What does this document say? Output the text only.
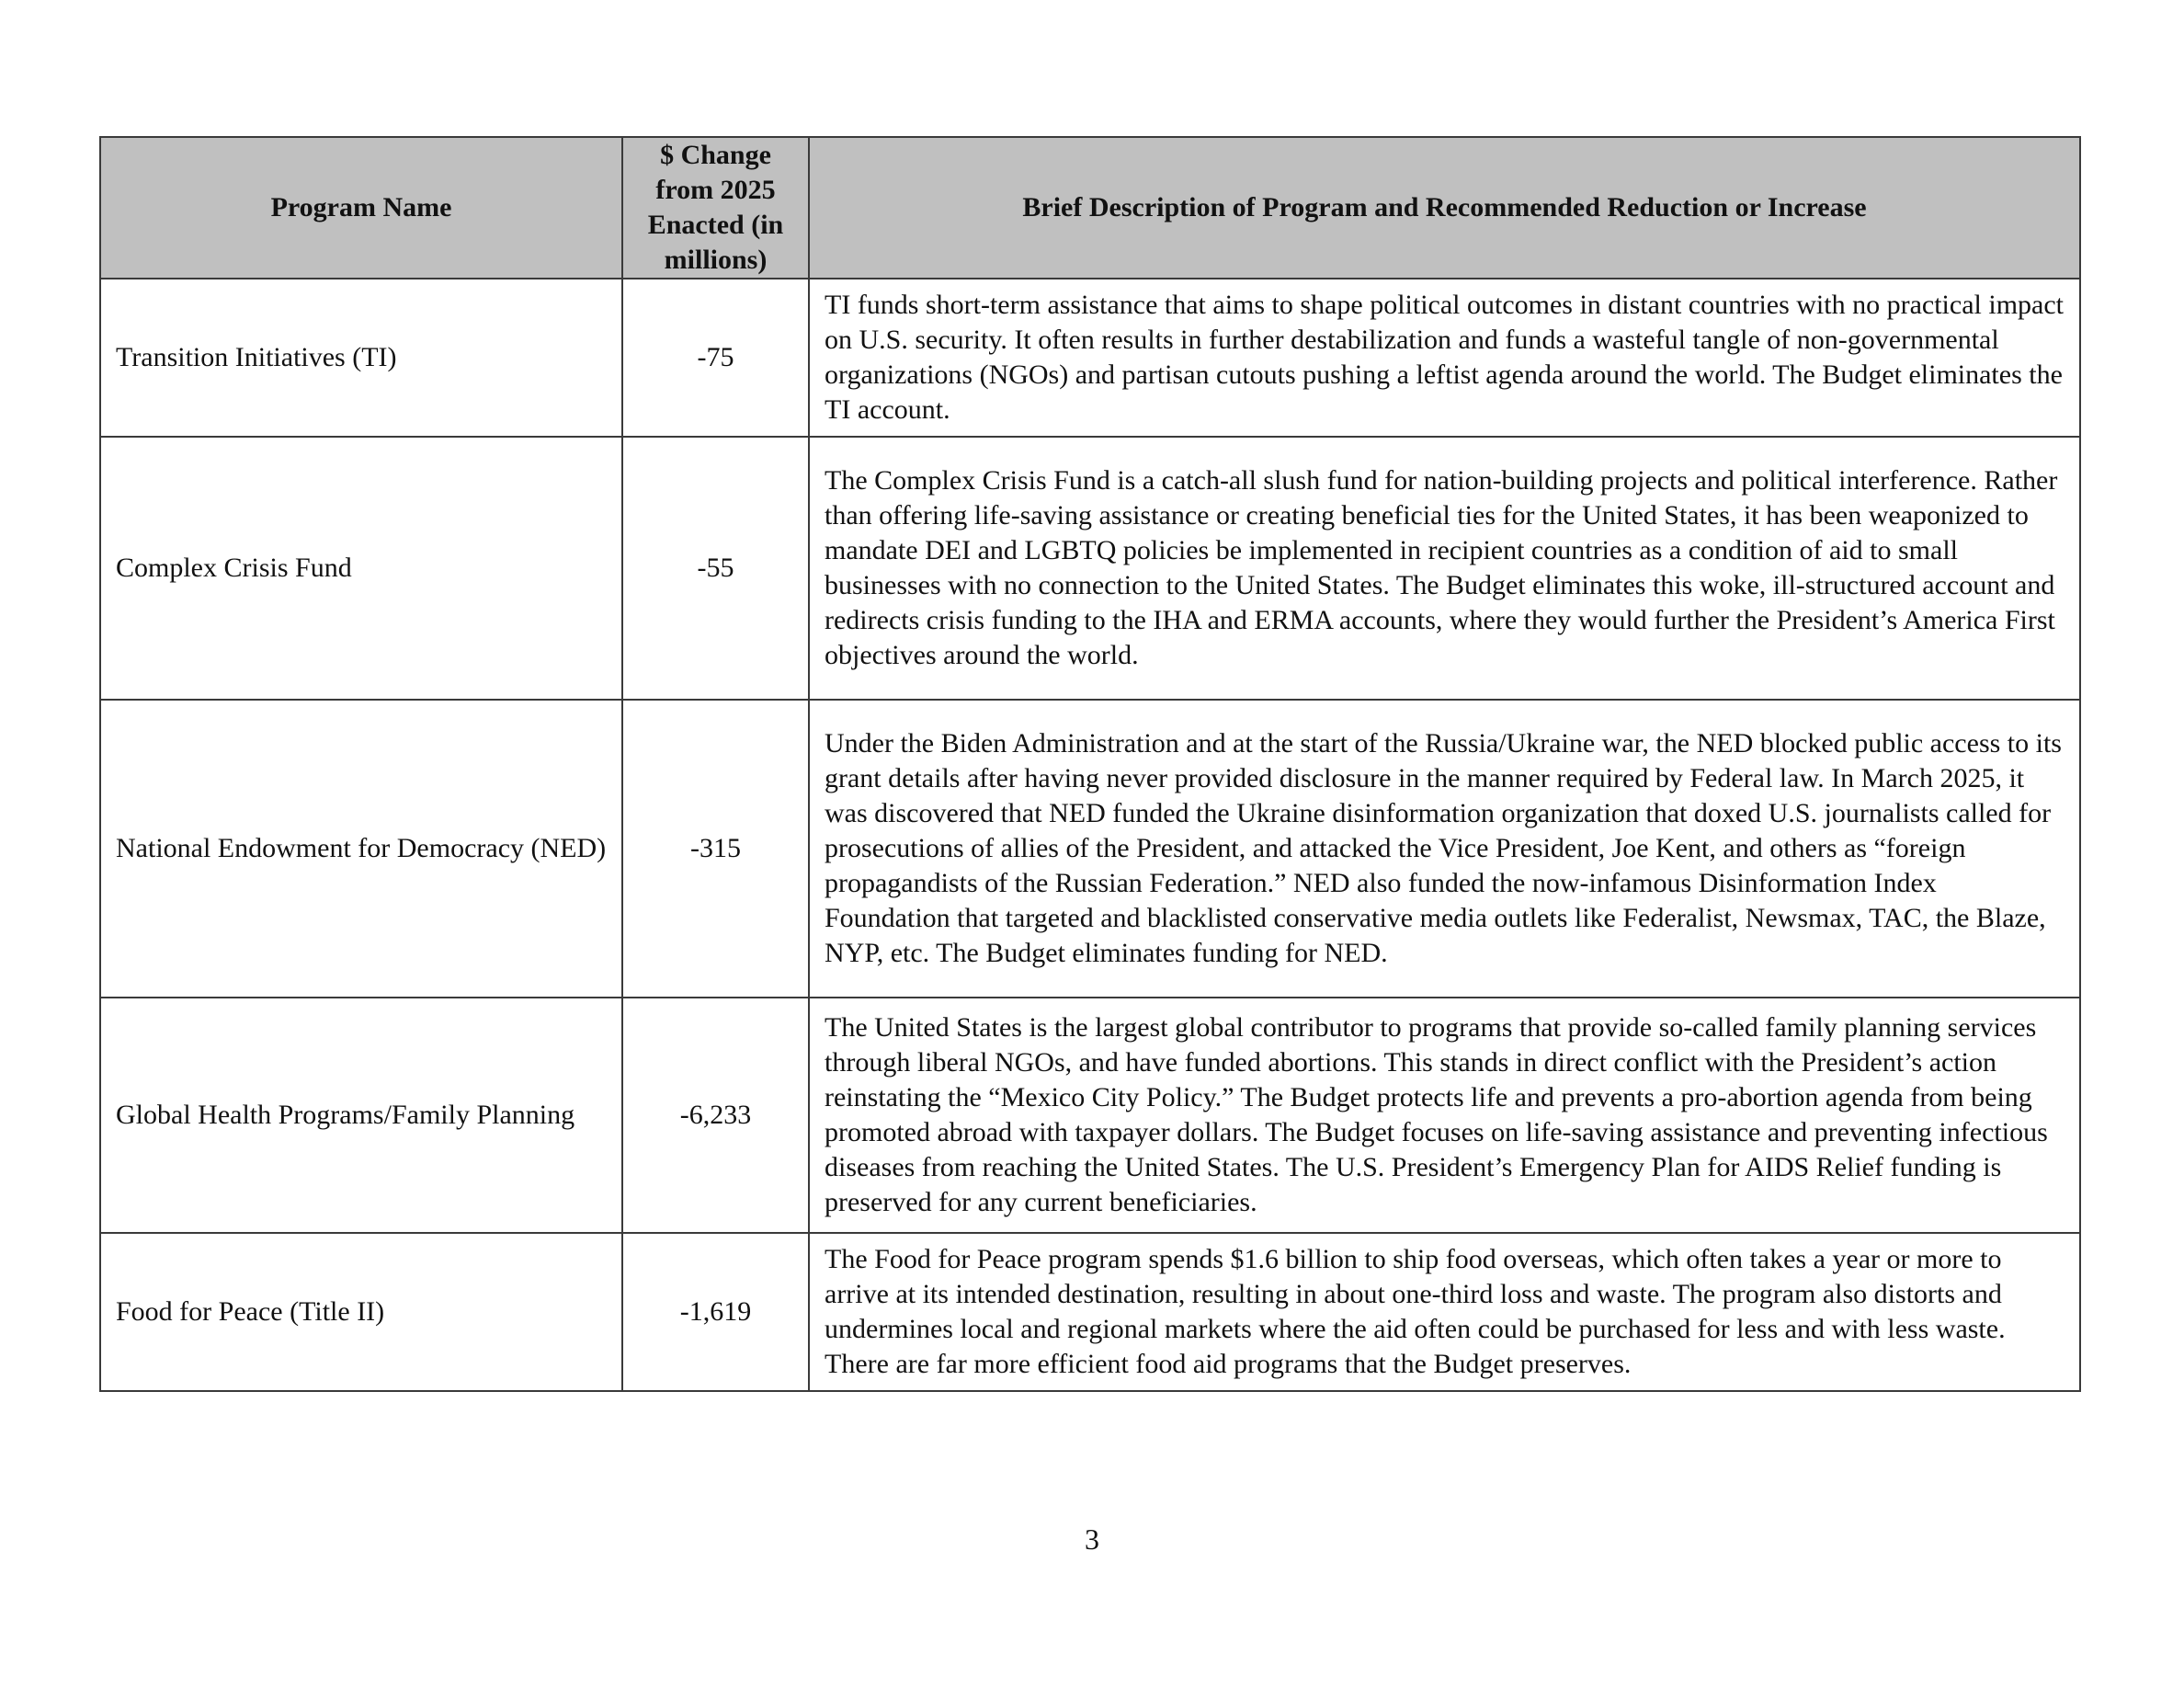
Program Name	$ Change from 2025 Enacted (in millions)	Brief Description of Program and Recommended Reduction or Increase
Transition Initiatives (TI)	-75	TI funds short-term assistance that aims to shape political outcomes in distant countries with no practical impact on U.S. security. It often results in further destabilization and funds a wasteful tangle of non-governmental organizations (NGOs) and partisan cutouts pushing a leftist agenda around the world. The Budget eliminates the TI account.
Complex Crisis Fund	-55	The Complex Crisis Fund is a catch-all slush fund for nation-building projects and political interference. Rather than offering life-saving assistance or creating beneficial ties for the United States, it has been weaponized to mandate DEI and LGBTQ policies be implemented in recipient countries as a condition of aid to small businesses with no connection to the United States. The Budget eliminates this woke, ill-structured account and redirects crisis funding to the IHA and ERMA accounts, where they would further the President’s America First objectives around the world.
National Endowment for Democracy (NED)	-315	Under the Biden Administration and at the start of the Russia/Ukraine war, the NED blocked public access to its grant details after having never provided disclosure in the manner required by Federal law. In March 2025, it was discovered that NED funded the Ukraine disinformation organization that doxed U.S. journalists called for prosecutions of allies of the President, and attacked the Vice President, Joe Kent, and others as “foreign propagandists of the Russian Federation.” NED also funded the now-infamous Disinformation Index Foundation that targeted and blacklisted conservative media outlets like Federalist, Newsmax, TAC, the Blaze, NYP, etc. The Budget eliminates funding for NED.
Global Health Programs/Family Planning	-6,233	The United States is the largest global contributor to programs that provide so-called family planning services through liberal NGOs, and have funded abortions. This stands in direct conflict with the President’s action reinstating the “Mexico City Policy.” The Budget protects life and prevents a pro-abortion agenda from being promoted abroad with taxpayer dollars. The Budget focuses on life-saving assistance and preventing infectious diseases from reaching the United States. The U.S. President’s Emergency Plan for AIDS Relief funding is preserved for any current beneficiaries.
Food for Peace (Title II)	-1,619	The Food for Peace program spends $1.6 billion to ship food overseas, which often takes a year or more to arrive at its intended destination, resulting in about one-third loss and waste. The program also distorts and undermines local and regional markets where the aid often could be purchased for less and with less waste. There are far more efficient food aid programs that the Budget preserves.
3
